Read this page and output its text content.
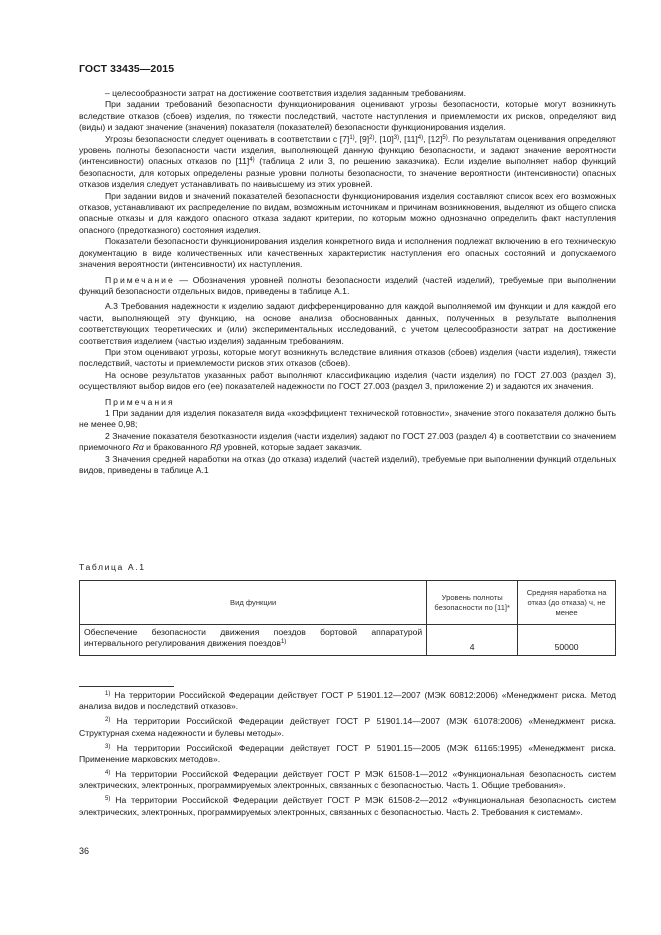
ГОСТ 33435—2015

– целесообразности затрат на достижение соответствия изделия заданным требованиям.

При задании требований безопасности функционирования оценивают угрозы безопасности, которые могут возникнуть вследствие отказов (сбоев) изделия, по тяжести последствий, частоте наступления и приемлемости их рисков, определяют вид (виды) и задают значение (значения) показателя (показателей) безопасности функционирования изделия.

Угрозы безопасности следует оценивать в соответствии с $[7]^{1)}$, $[9]^{2)}$, $[10]^{3)}$, $[11]^{4)}$, $[12]^{5)}$. По результатам оценивания определяют уровень полноты безопасности части изделия, выполняющей данную функцию безопасности, и задают значение вероятности (интенсивности) опасных отказов по $[11]^{4)}$ (таблица 2 или 3, по решению заказчика). Если изделие выполняет набор функций безопасности, для которых определены разные уровни полноты безопасности, то значение вероятности (интенсивности) опасных отказов изделия следует устанавливать по наивысшему из этих уровней.

При задании видов и значений показателей безопасности функционирования изделия составляют список всех его возможных отказов, устанавливают их распределение по видам, возможным источникам и причинам возникновения, выделяют из общего списка опасные отказы и для каждого опасного отказа задают критерии, по которым можно однозначно определить факт наступления опасного (предотказного) состояния изделия.

Показатели безопасности функционирования изделия конкретного вида и исполнения подлежат включению в его техническую документацию в виде количественных или качественных характеристик наступления его опасных состояний и допускаемого значения вероятности (интенсивности) их наступления.

Примечание — Обозначения уровней полноты безопасности изделий (частей изделий), требуемые при выполнении функций безопасности отдельных видов, приведены в таблице А.1.

А.3 Требования надежности к изделию задают дифференцированно для каждой выполняемой им функции и для каждой его части, выполняющей эту функцию, на основе анализа обоснованных данных, полученных в результате выполнения соответствующих теоретических и (или) экспериментальных исследований, с учетом целесообразности затрат на достижение соответствия изделием (частью изделия) заданным требованиям.

При этом оценивают угрозы, которые могут возникнуть вследствие влияния отказов (сбоев) изделия (части изделия), тяжести последствий, частоты и приемлемости рисков этих отказов (сбоев).

На основе результатов указанных работ выполняют классификацию изделия (части изделия) по ГОСТ 27.003 (раздел 3), осуществляют выбор видов его (ее) показателей надежности по ГОСТ 27.003 (раздел 3, приложение 2) и задаются их значения.

Примечания

1 При задании для изделия показателя вида «коэффициент технической готовности», значение этого показателя должно быть не менее 0,98;

2 Значение показателя безотказности изделия (части изделия) задают по ГОСТ 27.003 (раздел 4) в соответствии со значением приемочного Rα и бракованного Rβ уровней, которые задает заказчик.

3 Значения средней наработки на отказ (до отказа) изделий (частей изделий), требуемые при выполнении функций отдельных видов, приведены в таблице А.1

Таблица А.1
Вид функции	Уровень полноты безопасности по [11]*	Средняя наработка на отказ (до отказа) ч, не менее
Обеспечение безопасности движения поездов бортовой аппаратурой интервального регулирования движения поездов$^{1)}$	4	50000

$^{1)}$ На территории Российской Федерации действует ГОСТ Р 51901.12—2007 (МЭК 60812:2006) «Менеджмент риска. Метод анализа видов и последствий отказов».

$^{2)}$ На территории Российской Федерации действует ГОСТ Р 51901.14—2007 (МЭК 61078:2006) «Менеджмент риска. Структурная схема надежности и булевы методы».

$^{3)}$ На территории Российской Федерации действует ГОСТ Р 51901.15—2005 (МЭК 61165:1995) «Менеджмент риска. Применение марковских методов».

$^{4)}$ На территории Российской Федерации действует ГОСТ Р МЭК 61508-1—2012 «Функциональная безопасность систем электрических, электронных, программируемых электронных, связанных с безопасностью. Часть 1. Общие требования».

$^{5)}$ На территории Российской Федерации действует ГОСТ Р МЭК 61508-2—2012 «Функциональная безопасность систем электрических, электронных, программируемых электронных, связанных с безопасностью. Часть 2. Требования к системам».

36
